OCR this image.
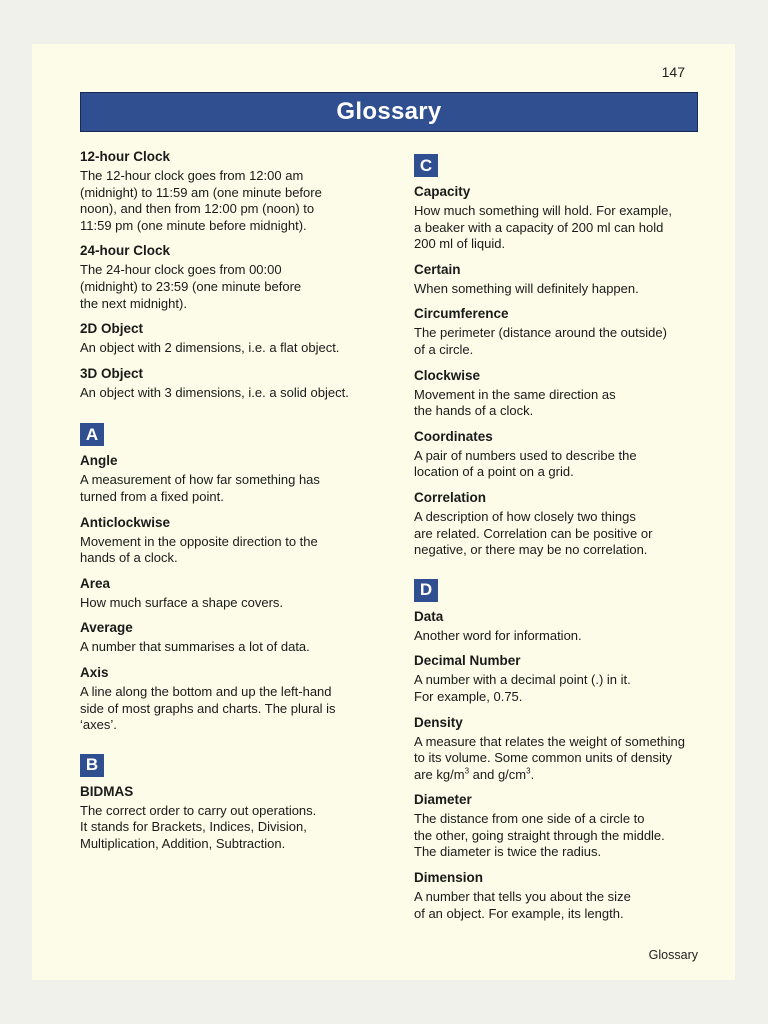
147
Glossary
12-hour Clock
The 12-hour clock goes from 12:00 am
(midnight) to 11:59 am (one minute before
noon), and then from 12:00 pm (noon) to
11:59 pm (one minute before midnight).
24-hour Clock
The 24-hour clock goes from 00:00
(midnight) to 23:59 (one minute before
the next midnight).
2D Object
An object with 2 dimensions, i.e. a flat object.
3D Object
An object with 3 dimensions, i.e. a solid object.
A
Angle
A measurement of how far something has
turned from a fixed point.
Anticlockwise
Movement in the opposite direction to the
hands of a clock.
Area
How much surface a shape covers.
Average
A number that summarises a lot of data.
Axis
A line along the bottom and up the left-hand
side of most graphs and charts. The plural is
‘axes’.
B
BIDMAS
The correct order to carry out operations.
It stands for Brackets, Indices, Division,
Multiplication, Addition, Subtraction.
C
Capacity
How much something will hold. For example,
a beaker with a capacity of 200 ml can hold
200 ml of liquid.
Certain
When something will definitely happen.
Circumference
The perimeter (distance around the outside)
of a circle.
Clockwise
Movement in the same direction as
the hands of a clock.
Coordinates
A pair of numbers used to describe the
location of a point on a grid.
Correlation
A description of how closely two things
are related. Correlation can be positive or
negative, or there may be no correlation.
D
Data
Another word for information.
Decimal Number
A number with a decimal point (.) in it.
For example, 0.75.
Density
A measure that relates the weight of something
to its volume. Some common units of density
are $kg/m^3$ and $g/cm^3$.
Diameter
The distance from one side of a circle to
the other, going straight through the middle.
The diameter is twice the radius.
Dimension
A number that tells you about the size
of an object. For example, its length.
Glossary
